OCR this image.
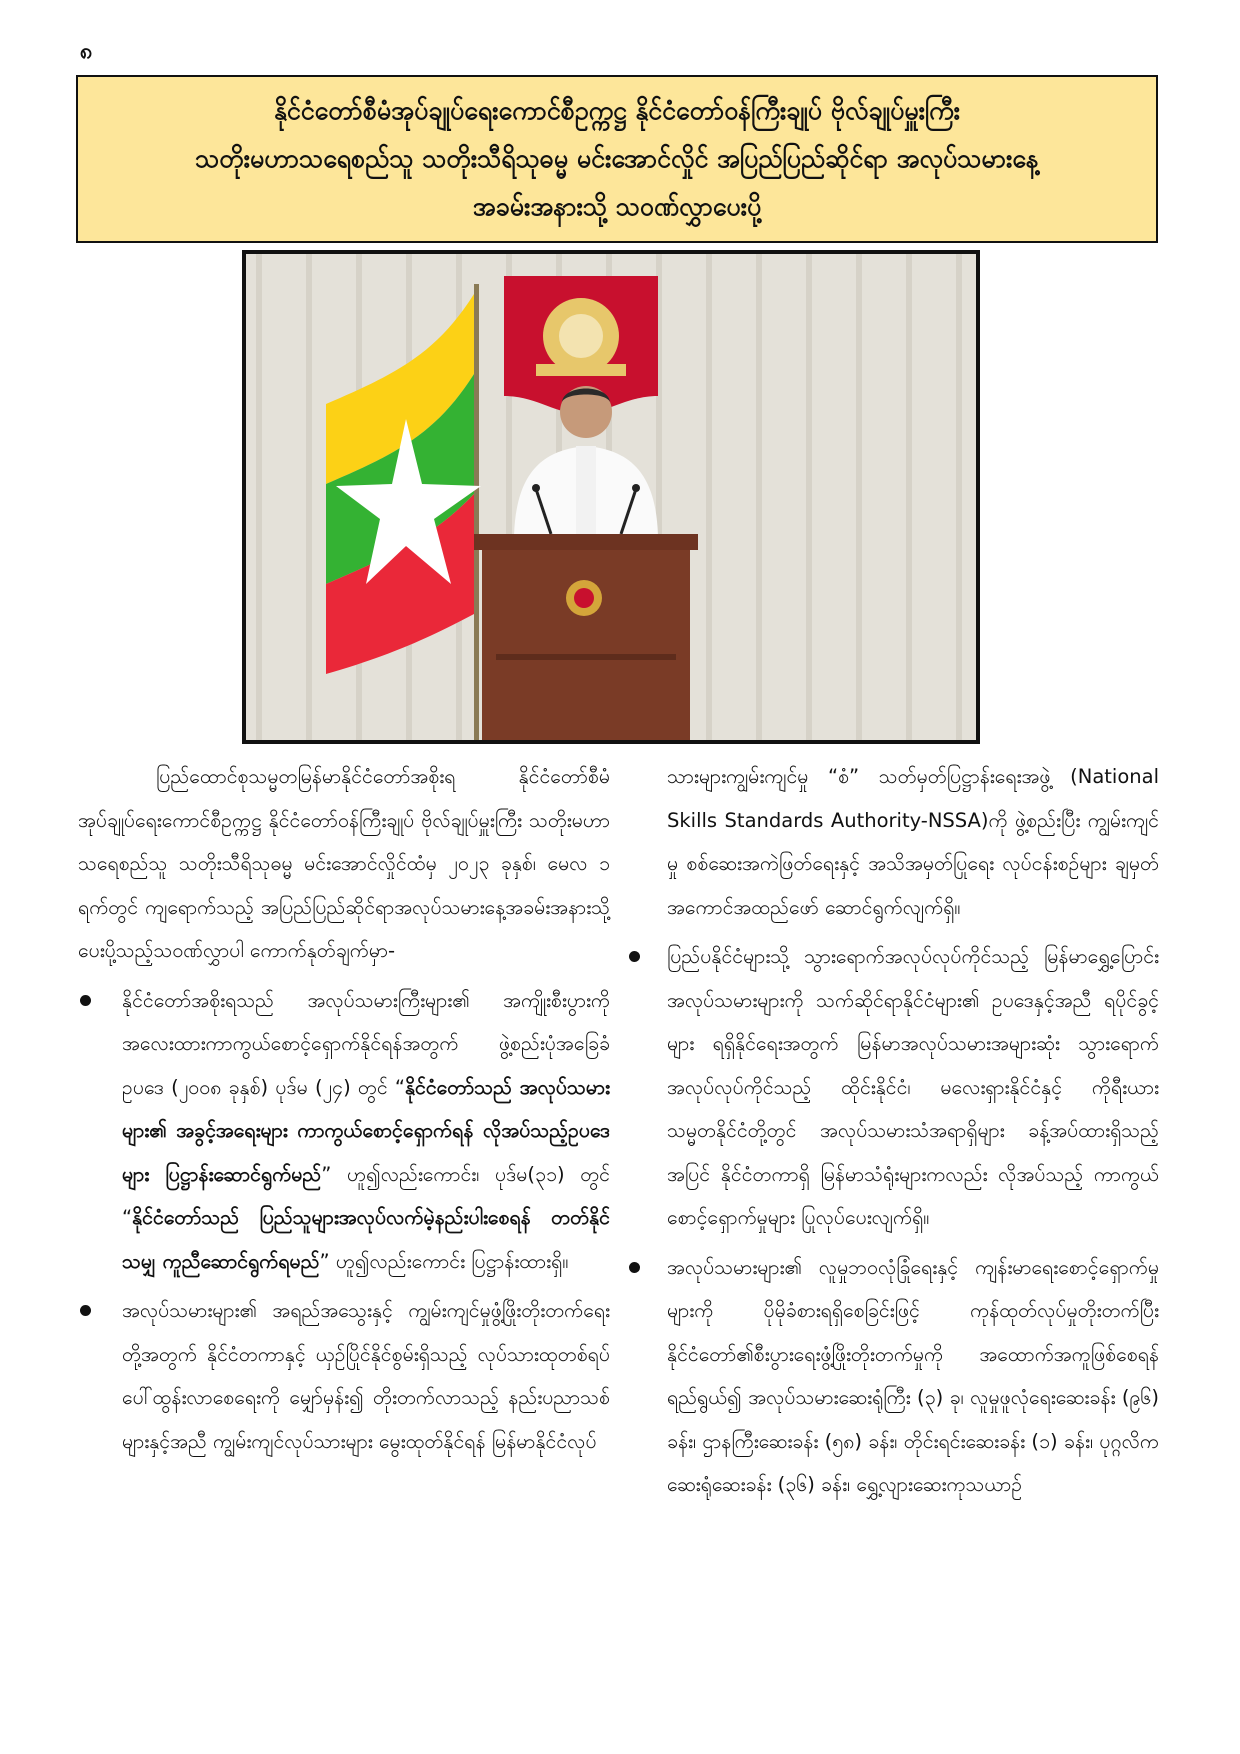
၈
နိုင်ငံတော်စီမံအုပ်ချုပ်ရေးကောင်စီဥက္ကဋ္ဌ နိုင်ငံတော်ဝန်ကြီးချုပ် ဗိုလ်ချုပ်မှူးကြီး
သတိုးမဟာသရေစည်သူ သတိုးသီရိသုဓမ္မ မင်းအောင်လှိုင် အပြည်ပြည်ဆိုင်ရာ အလုပ်သမားနေ့
အခမ်းအနားသို့ သဝဏ်လွှာပေးပို့

ပြည်ထောင်စုသမ္မတမြန်မာနိုင်ငံတော်အစိုးရ နိုင်ငံတော်စီမံအုပ်ချုပ်ရေးကောင်စီဥက္ကဋ္ဌ နိုင်ငံတော်ဝန်ကြီးချုပ် ဗိုလ်ချုပ်မှူးကြီး သတိုးမဟာသရေစည်သူ သတိုးသီရိသုဓမ္မ မင်းအောင်လှိုင်ထံမှ ၂၀၂၃ ခုနှစ်၊ မေလ ၁ ရက်တွင် ကျရောက်သည့် အပြည်ပြည်ဆိုင်ရာအလုပ်သမားနေ့အခမ်းအနားသို့ ပေးပို့သည့်သဝဏ်လွှာပါ ကောက်နုတ်ချက်မှာ-

နိုင်ငံတော်အစိုးရသည် အလုပ်သမားကြီးများ၏ အကျိုးစီးပွားကို အလေးထားကာကွယ်စောင့်ရှောက်နိုင်ရန်အတွက် ဖွဲ့စည်းပုံအခြေခံဥပဒေ (၂၀၀၈ ခုနှစ်) ပုဒ်မ (၂၄) တွင် “နိုင်ငံတော်သည် အလုပ်သမားများ၏ အခွင့်အရေးများ ကာကွယ်စောင့်ရှောက်ရန် လိုအပ်သည့်ဥပဒေများ ပြဋ္ဌာန်းဆောင်ရွက်မည်” ဟူ၍လည်းကောင်း၊ ပုဒ်မ(၃၁) တွင် “နိုင်ငံတော်သည် ပြည်သူများအလုပ်လက်မဲ့နည်းပါးစေရန် တတ်နိုင်သမျှ ကူညီဆောင်ရွက်ရမည်” ဟူ၍လည်းကောင်း ပြဋ္ဌာန်းထားရှိ။

အလုပ်သမားများ၏ အရည်အသွေးနှင့် ကျွမ်းကျင်မှုဖွံ့ဖြိုးတိုးတက်ရေးတို့အတွက် နိုင်ငံတကာနှင့် ယှဉ်ပြိုင်နိုင်စွမ်းရှိသည့် လုပ်သားထုတစ်ရပ် ပေါ်ထွန်းလာစေရေးကို မျှော်မှန်း၍ တိုးတက်လာသည့် နည်းပညာသစ်များနှင့်အညီ ကျွမ်းကျင်လုပ်သားများ မွေးထုတ်နိုင်ရန် မြန်မာနိုင်ငံလုပ်

သားများကျွမ်းကျင်မှု “စံ” သတ်မှတ်ပြဋ္ဌာန်းရေးအဖွဲ့ (National Skills Standards Authority-NSSA)ကို ဖွဲ့စည်းပြီး ကျွမ်းကျင်မှု စစ်ဆေးအကဲဖြတ်ရေးနှင့် အသိအမှတ်ပြုရေး လုပ်ငန်းစဉ်များ ချမှတ်အကောင်အထည်ဖော် ဆောင်ရွက်လျက်ရှိ။

ပြည်ပနိုင်ငံများသို့ သွားရောက်အလုပ်လုပ်ကိုင်သည့် မြန်မာရွှေ့ပြောင်းအလုပ်သမားများကို သက်ဆိုင်ရာနိုင်ငံများ၏ ဥပဒေနှင့်အညီ ရပိုင်ခွင့်များ ရရှိနိုင်ရေးအတွက် မြန်မာအလုပ်သမားအများဆုံး သွားရောက်အလုပ်လုပ်ကိုင်သည့် ထိုင်းနိုင်ငံ၊ မလေးရှားနိုင်ငံနှင့် ကိုရီးယားသမ္မတနိုင်ငံတို့တွင် အလုပ်သမားသံအရာရှိများ ခန့်အပ်ထားရှိသည့်အပြင် နိုင်ငံတကာရှိ မြန်မာသံရုံးများကလည်း လိုအပ်သည့် ကာကွယ်စောင့်ရှောက်မှုများ ပြုလုပ်ပေးလျက်ရှိ။

အလုပ်သမားများ၏ လူမှုဘဝလုံခြုံရေးနှင့် ကျန်းမာရေးစောင့်ရှောက်မှုများကို ပိုမိုခံစားရရှိစေခြင်းဖြင့် ကုန်ထုတ်လုပ်မှုတိုးတက်ပြီး နိုင်ငံတော်၏စီးပွားရေးဖွံ့ဖြိုးတိုးတက်မှုကို အထောက်အကူဖြစ်စေရန် ရည်ရွယ်၍ အလုပ်သမားဆေးရုံကြီး (၃) ခု၊ လူမှုဖူလုံရေးဆေးခန်း (၉၆) ခန်း၊ ဌာနကြီးဆေးခန်း (၅၈) ခန်း၊ တိုင်းရင်းဆေးခန်း (၁) ခန်း၊ ပုဂ္ဂလိကဆေးရုံဆေးခန်း (၃၆) ခန်း၊ ရွှေ့လျားဆေးကုသယာဉ်
